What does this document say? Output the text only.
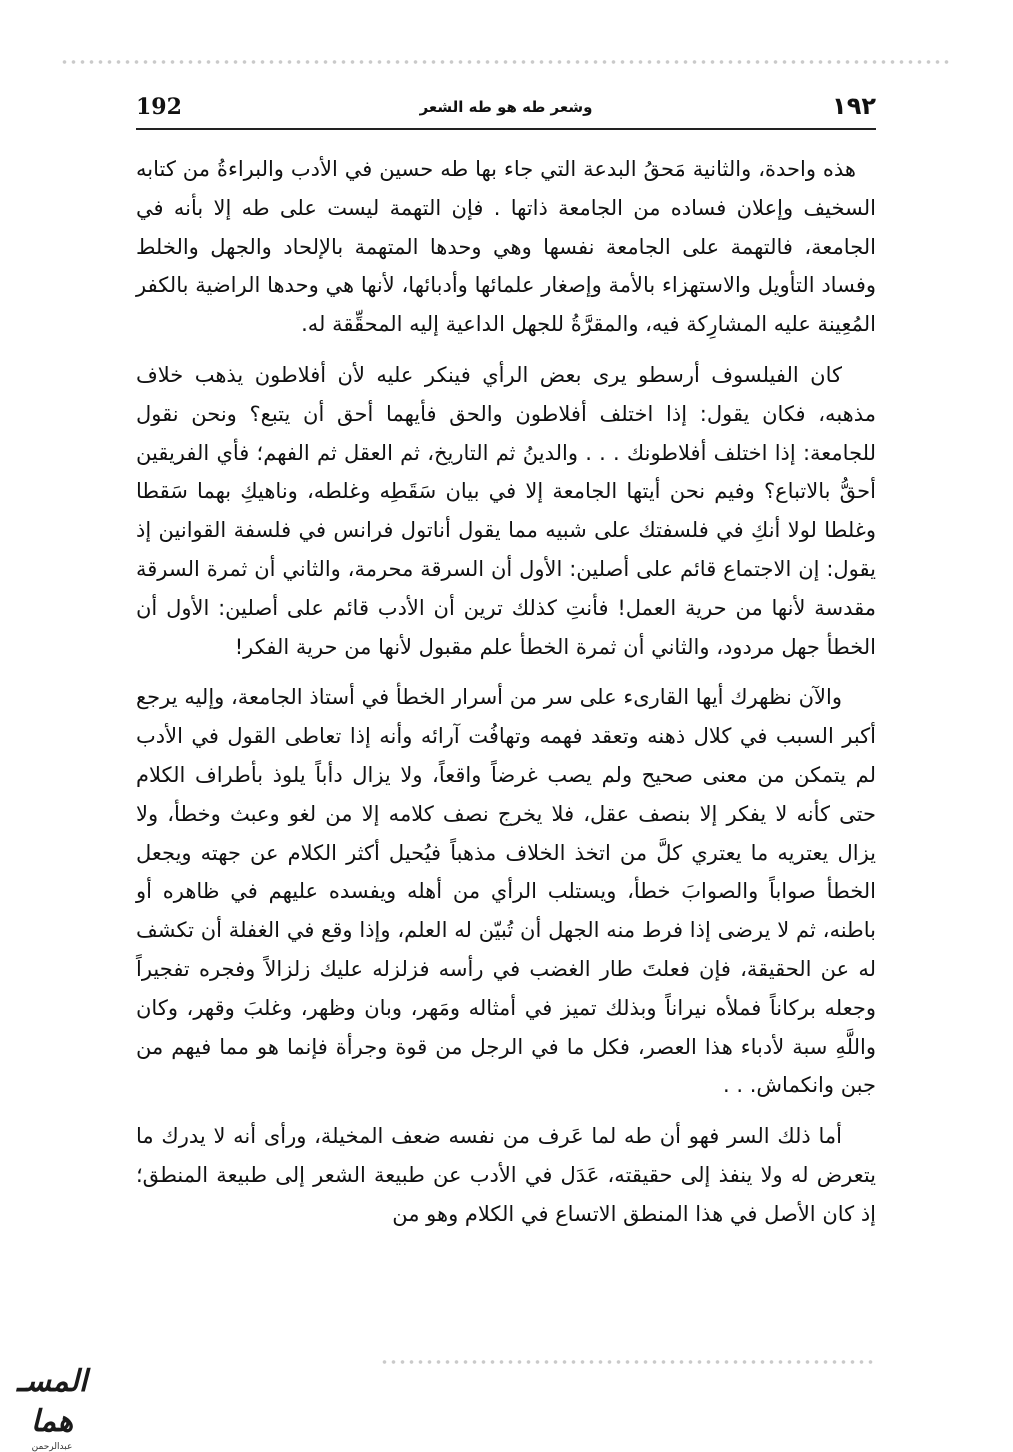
192	وشعر طه هو طه الشعر	١٩٢

هذه واحدة، والثانية مَحقُ البدعة التي جاء بها طه حسين في الأدب والبراءةُ من كتابه السخيف وإعلان فساده من الجامعة ذاتها . فإن التهمة ليست على طه إلا بأنه في الجامعة، فالتهمة على الجامعة نفسها وهي وحدها المتهمة بالإلحاد والجهل والخلط وفساد التأويل والاستهزاء بالأمة وإصغار علمائها وأدبائها، لأنها هي وحدها الراضية بالكفر المُعِينة عليه المشارِكة فيه، والمقرَّةُ للجهل الداعية إليه المحقِّقة له.

كان الفيلسوف أرسطو يرى بعض الرأي فينكر عليه لأن أفلاطون يذهب خلاف مذهبه، فكان يقول: إذا اختلف أفلاطون والحق فأيهما أحق أن يتبع؟ ونحن نقول للجامعة: إذا اختلف أفلاطونك . . . والدينُ ثم التاريخ، ثم العقل ثم الفهم؛ فأي الفريقين أحقُّ بالاتباع؟ وفيم نحن أيتها الجامعة إلا في بيان سَقَطِه وغلطه، وناهيكِ بهما سَقطا وغلطا لولا أنكِ في فلسفتك على شبيه مما يقول أناتول فرانس في فلسفة القوانين إذ يقول: إن الاجتماع قائم على أصلين: الأول أن السرقة محرمة، والثاني أن ثمرة السرقة مقدسة لأنها من حرية العمل! فأنتِ كذلك ترين أن الأدب قائم على أصلين: الأول أن الخطأ جهل مردود، والثاني أن ثمرة الخطأ علم مقبول لأنها من حرية الفكر!

والآن نظهرك أيها القارىء على سر من أسرار الخطأ في أستاذ الجامعة، وإليه يرجع أكبر السبب في كلال ذهنه وتعقد فهمه وتهافُت آرائه وأنه إذا تعاطى القول في الأدب لم يتمكن من معنى صحيح ولم يصب غرضاً واقعاً، ولا يزال دأباً يلوذ بأطراف الكلام حتى كأنه لا يفكر إلا بنصف عقل، فلا يخرج نصف كلامه إلا من لغو وعبث وخطأ، ولا يزال يعتريه ما يعتري كلَّ من اتخذ الخلاف مذهباً فيُحيل أكثر الكلام عن جهته ويجعل الخطأ صواباً والصوابَ خطأ، ويستلب الرأي من أهله ويفسده عليهم في ظاهره أو باطنه، ثم لا يرضى إذا فرط منه الجهل أن تُبيّن له العلم، وإذا وقع في الغفلة أن تكشف له عن الحقيقة، فإن فعلتَ طار الغضب في رأسه فزلزله عليك زلزالاً وفجره تفجيراً وجعله بركاناً فملأه نيراناً وبذلك تميز في أمثاله ومَهر، وبان وظهر، وغلبَ وقهر، وكان واللَّهِ سبة لأدباء هذا العصر، فكل ما في الرجل من قوة وجرأة فإنما هو مما فيهم من جبن وانكماش. . .

أما ذلك السر فهو أن طه لما عَرف من نفسه ضعف المخيلة، ورأى أنه لا يدرك ما يتعرض له ولا ينفذ إلى حقيقته، عَدَل في الأدب عن طبيعة الشعر إلى طبيعة المنطق؛ إذ كان الأصل في هذا المنطق الاتساع في الكلام وهو من

المسـ هما
عبدالرحمن
